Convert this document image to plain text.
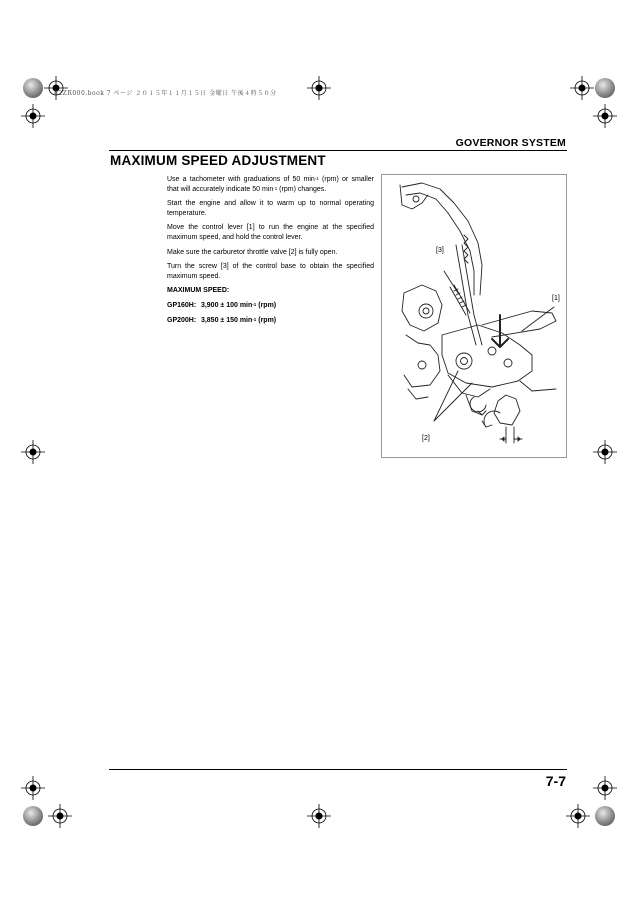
82ZR000.book 7 ページ ２０１５年１１月１５日 金曜日 午後４時５０分
GOVERNOR SYSTEM
MAXIMUM SPEED ADJUSTMENT

Use a tachometer with graduations of 50 $\min^{-1} (rpm)$ or smaller that will accurately indicate 50 $\min^{-1} (rpm)$ changes.

Start the engine and allow it to warm up to normal operating temperature.

Move the control lever [1] to run the engine at the specified maximum speed, and hold the control lever.

Make sure the carburetor throttle valve [2] is fully open.

Turn the screw [3] of the control base to obtain the specified maximum speed.

MAXIMUM SPEED:

GP160H: 3,900 ± 100 $\min^{-1} (rpm)$

GP200H: 3,850 ± 150 $\min^{-1} (rpm)$

[3]
[1]
[2]
7-7
